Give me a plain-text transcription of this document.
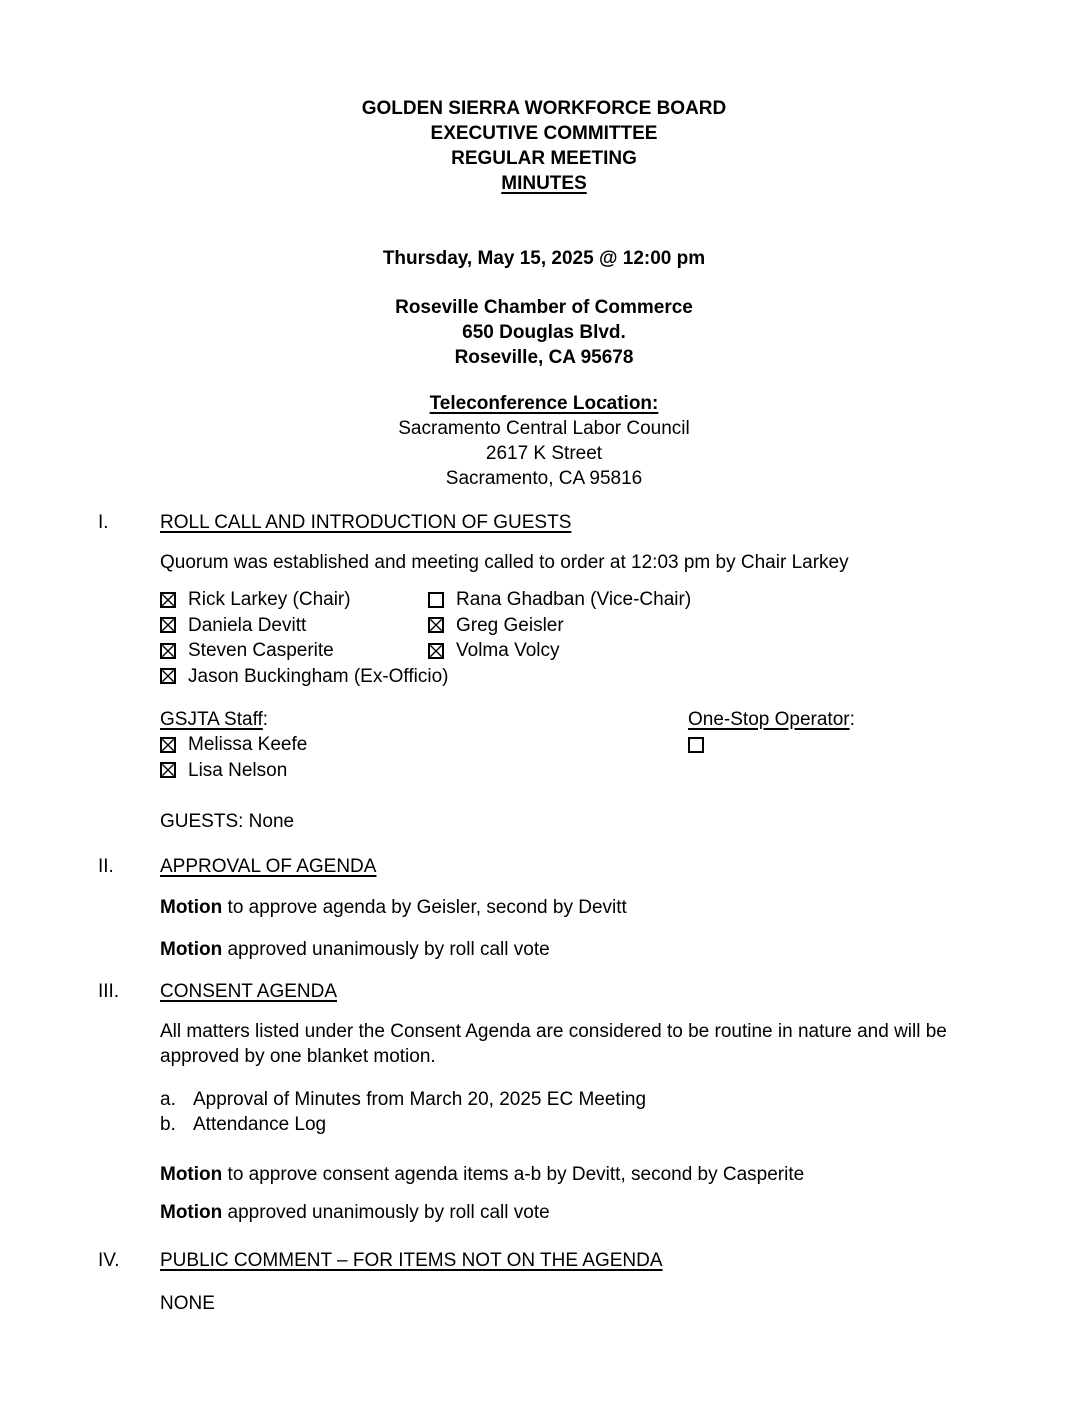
GOLDEN SIERRA WORKFORCE BOARD
EXECUTIVE COMMITTEE
REGULAR MEETING
MINUTES
Thursday, May 15, 2025 @ 12:00 pm
Roseville Chamber of Commerce
650 Douglas Blvd.
Roseville, CA 95678
Teleconference Location:
Sacramento Central Labor Council
2617 K Street
Sacramento, CA 95816
I.	ROLL CALL AND INTRODUCTION OF GUESTS

Quorum was established and meeting called to order at 12:03 pm by Chair Larkey

Rick Larkey (Chair)	Rana Ghadban (Vice-Chair)
Daniela Devitt	Greg Geisler
Steven Casperite	Volma Volcy
Jason Buckingham (Ex-Officio)
GSJTA Staff:
Melissa Keefe
Lisa Nelson
One-Stop Operator:

GUESTS: None

II.	APPROVAL OF AGENDA

Motion to approve agenda by Geisler, second by Devitt

Motion approved unanimously by roll call vote

III.	CONSENT AGENDA

All matters listed under the Consent Agenda are considered to be routine in nature and will be approved by one blanket motion.

a. Approval of Minutes from March 20, 2025 EC Meeting
b. Attendance Log

Motion to approve consent agenda items a-b by Devitt, second by Casperite

Motion approved unanimously by roll call vote

IV.	PUBLIC COMMENT – FOR ITEMS NOT ON THE AGENDA

NONE
